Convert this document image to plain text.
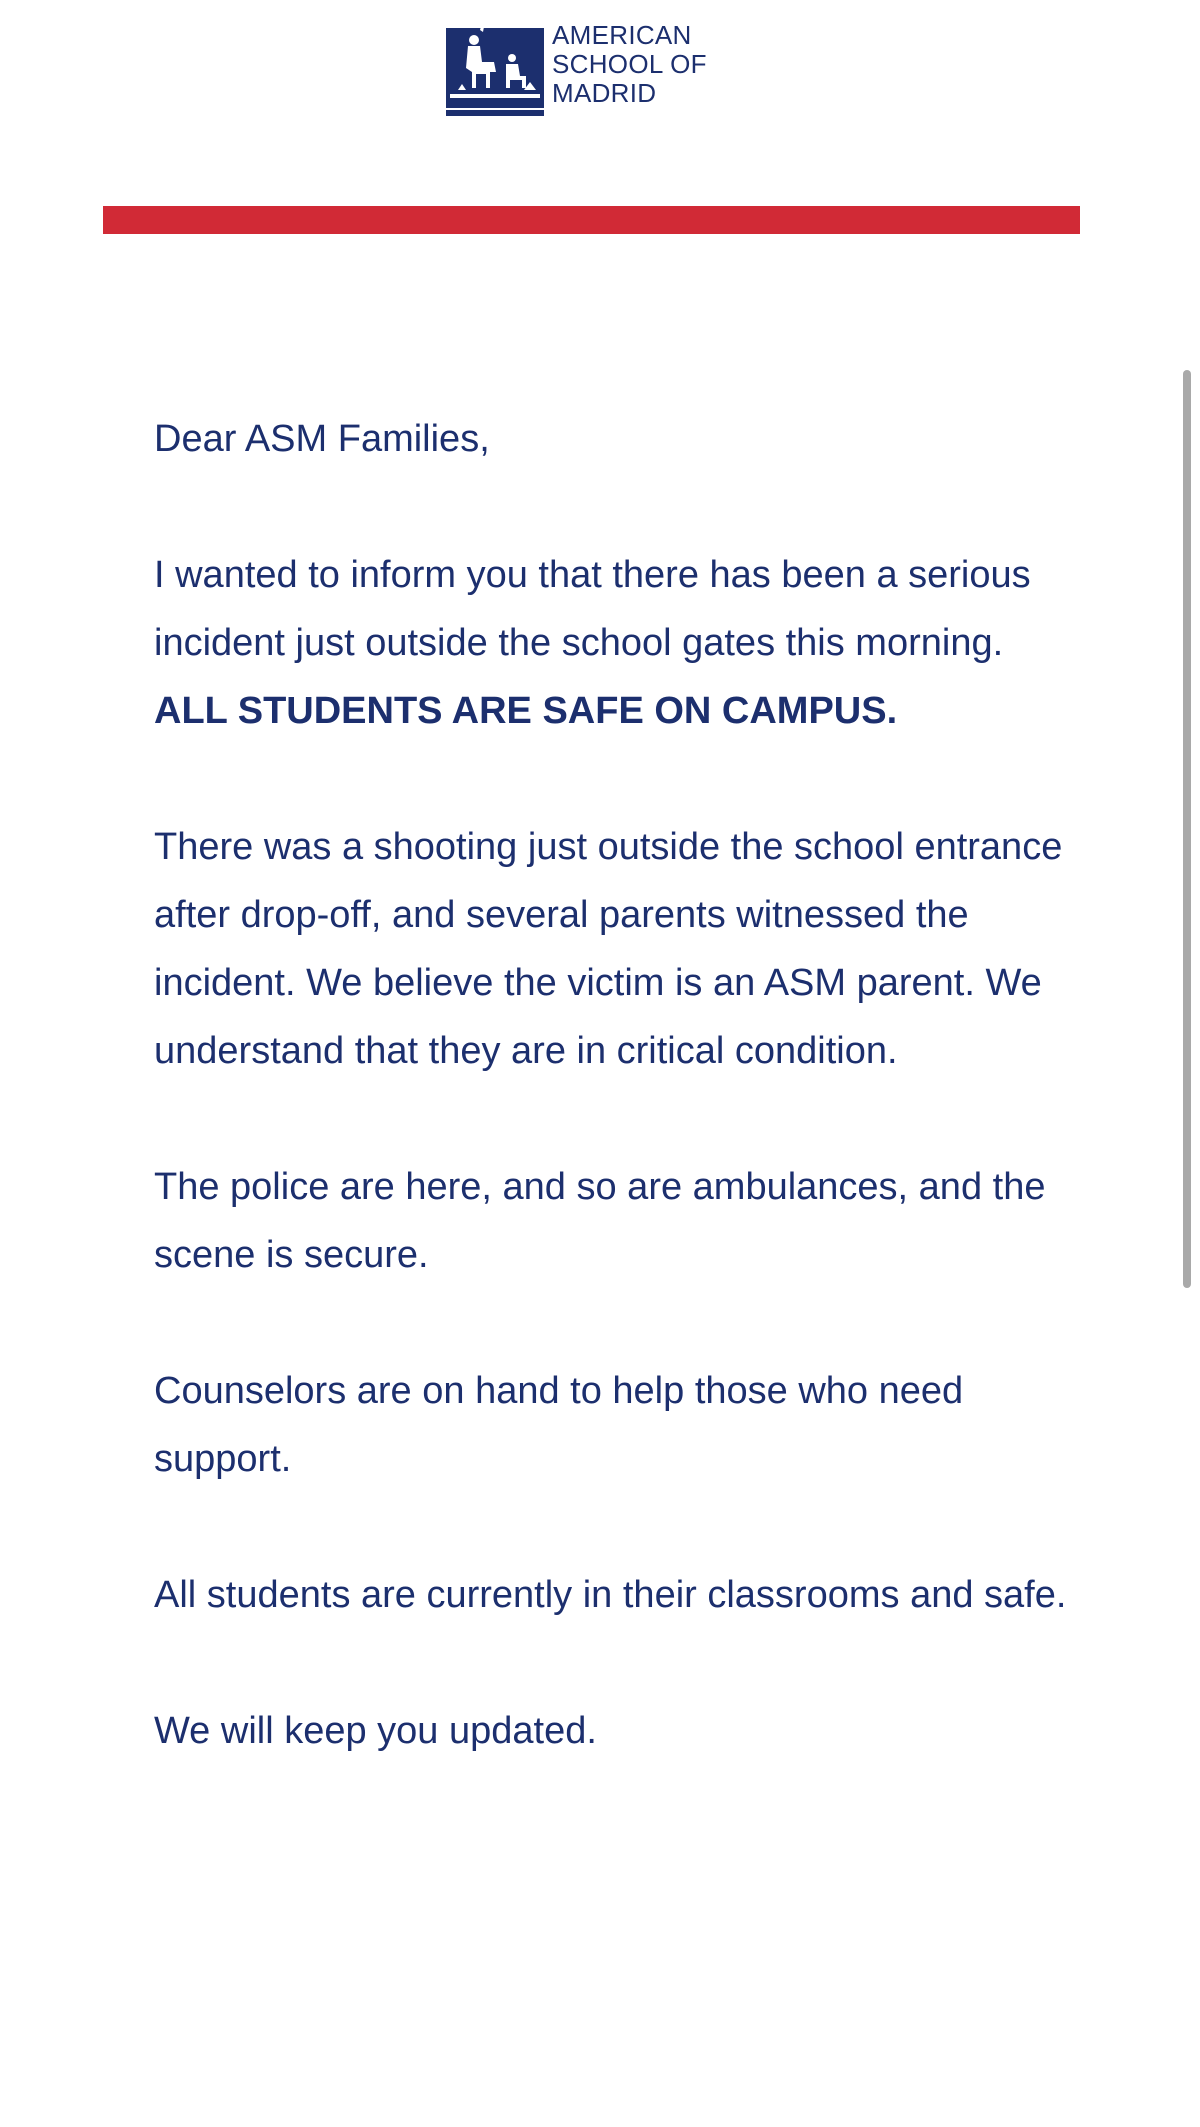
AMERICAN
SCHOOL OF
MADRID

Dear ASM Families,

I wanted to inform you that there has been a serious incident just outside the school gates this morning. ALL STUDENTS ARE SAFE ON CAMPUS.

There was a shooting just outside the school entrance after drop-off, and several parents witnessed the incident. We believe the victim is an ASM parent. We understand that they are in critical condition.

The police are here, and so are ambulances, and the scene is secure.

Counselors are on hand to help those who need support.

All students are currently in their classrooms and safe.

We will keep you updated.
